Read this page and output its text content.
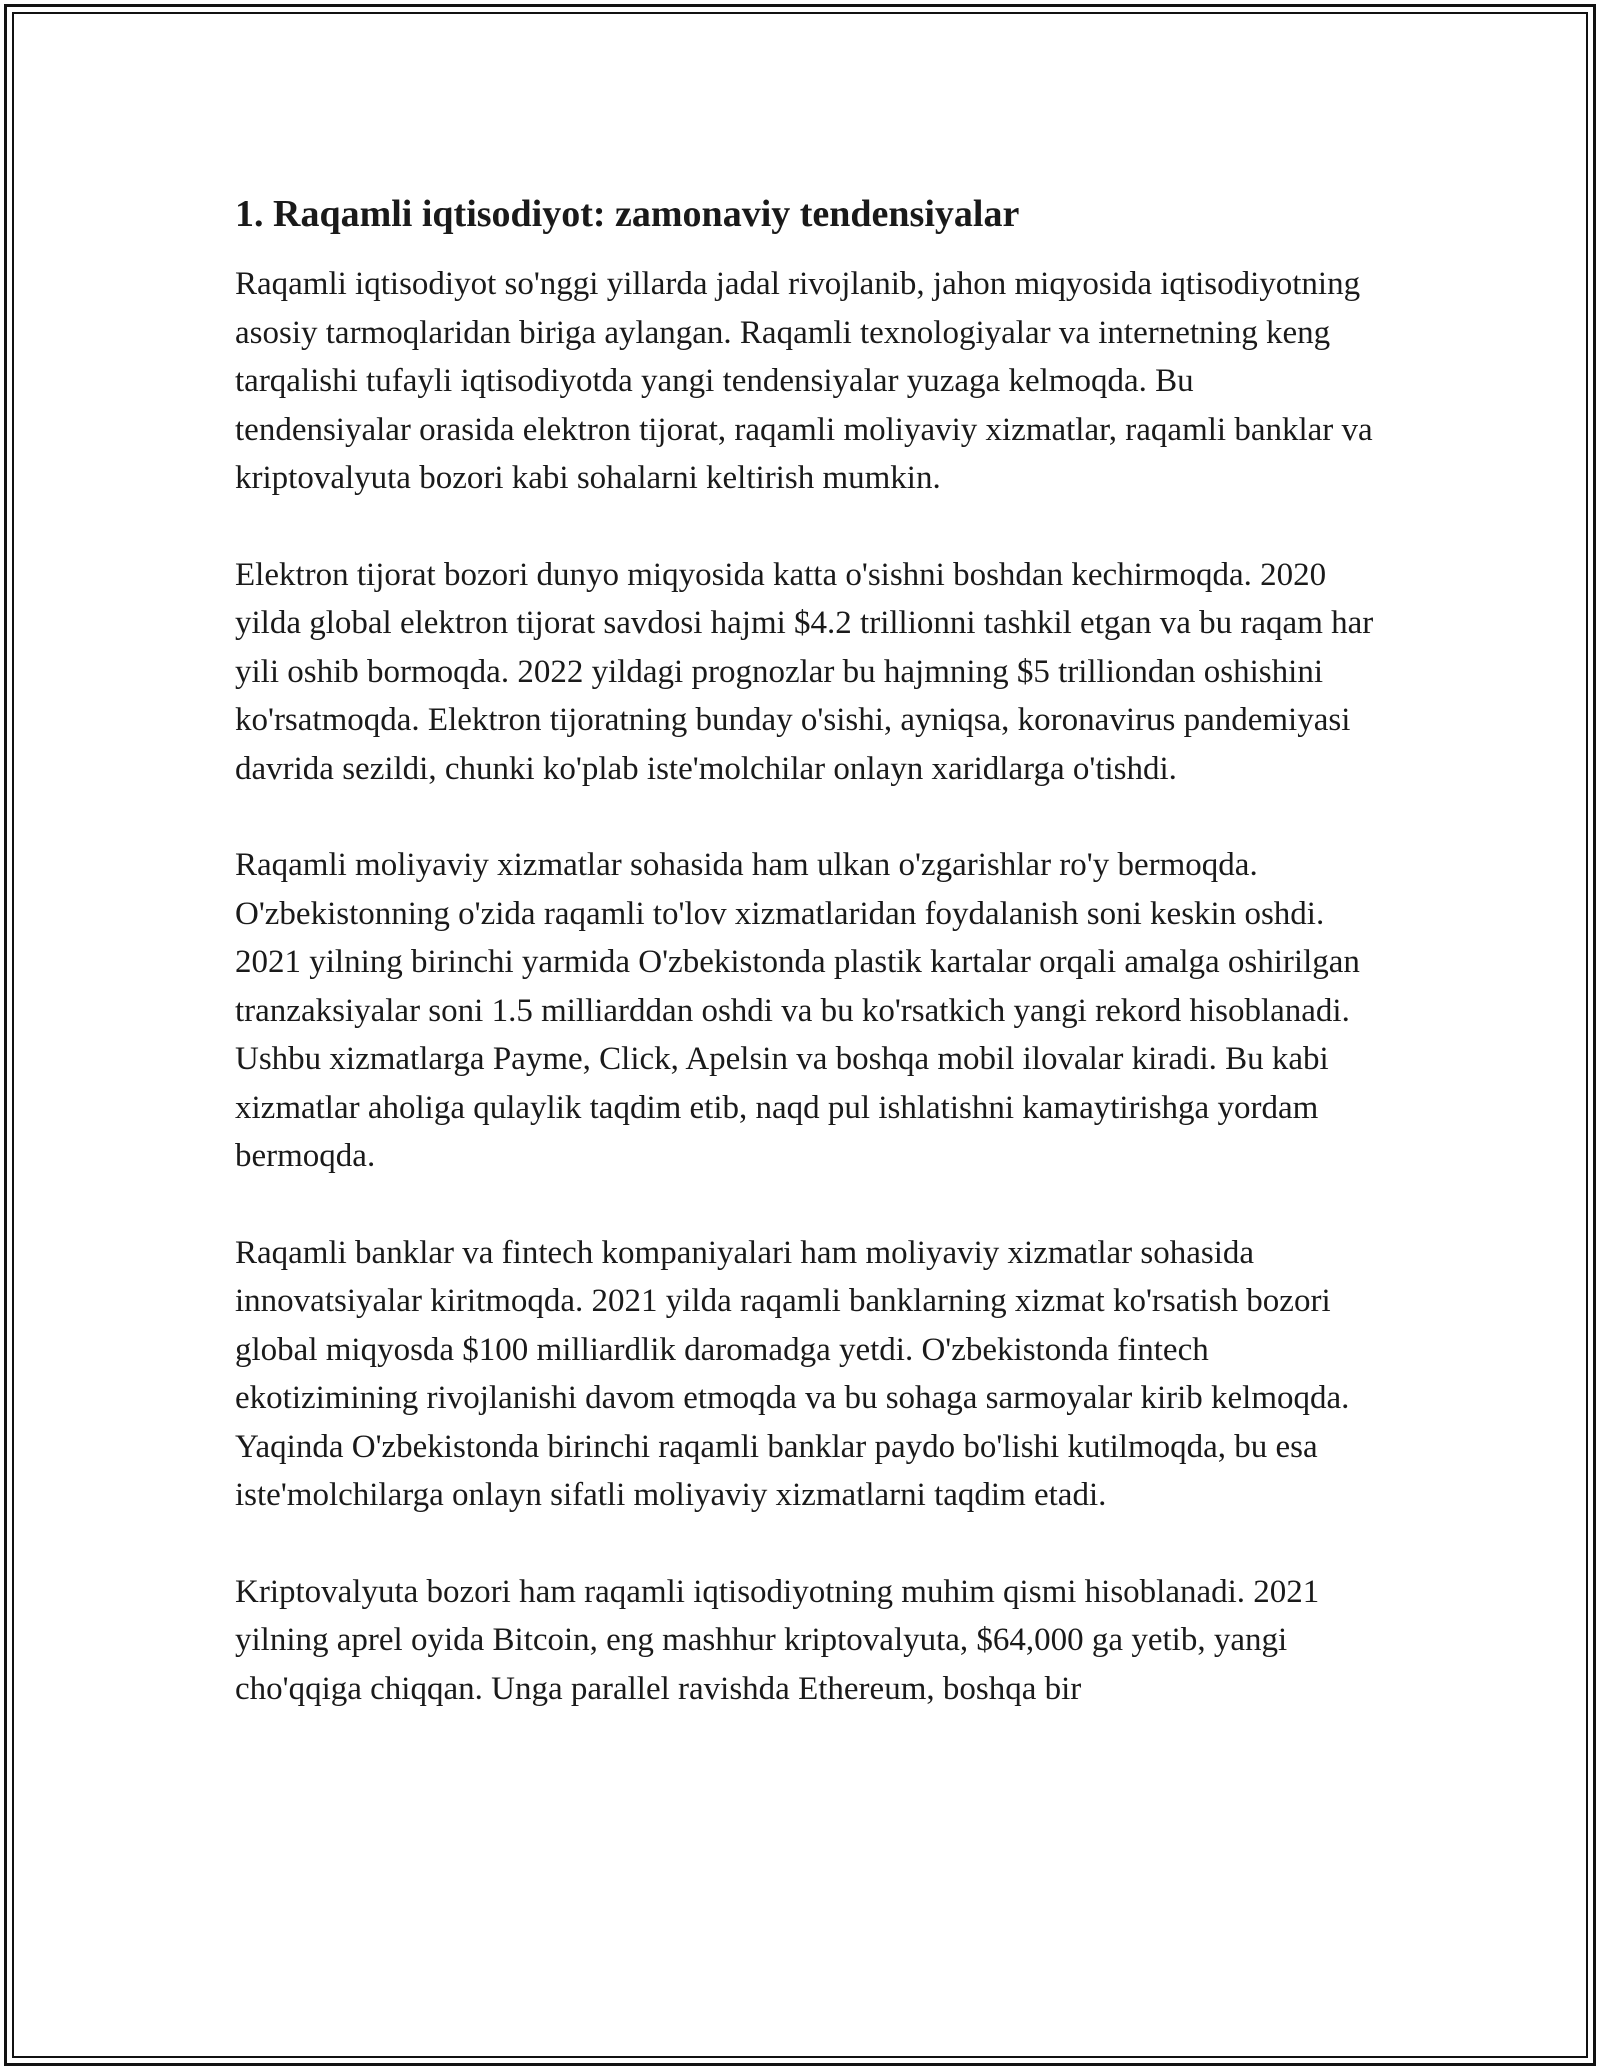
1. Raqamli iqtisodiyot: zamonaviy tendensiyalar

Raqamli iqtisodiyot so'nggi yillarda jadal rivojlanib, jahon miqyosida iqtisodiyotning asosiy tarmoqlaridan biriga aylangan. Raqamli texnologiyalar va internetning keng tarqalishi tufayli iqtisodiyotda yangi tendensiyalar yuzaga kelmoqda. Bu tendensiyalar orasida elektron tijorat, raqamli moliyaviy xizmatlar, raqamli banklar va kriptovalyuta bozori kabi sohalarni keltirish mumkin.

Elektron tijorat bozori dunyo miqyosida katta o'sishni boshdan kechirmoqda. 2020 yilda global elektron tijorat savdosi hajmi $4.2 trillionni tashkil etgan va bu raqam har yili oshib bormoqda. 2022 yildagi prognozlar bu hajmning $5 trilliondan oshishini ko'rsatmoqda. Elektron tijoratning bunday o'sishi, ayniqsa, koronavirus pandemiyasi davrida sezildi, chunki ko'plab iste'molchilar onlayn xaridlarga o'tishdi.

Raqamli moliyaviy xizmatlar sohasida ham ulkan o'zgarishlar ro'y bermoqda. O'zbekistonning o'zida raqamli to'lov xizmatlaridan foydalanish soni keskin oshdi. 2021 yilning birinchi yarmida O'zbekistonda plastik kartalar orqali amalga oshirilgan tranzaksiyalar soni 1.5 milliarddan oshdi va bu ko'rsatkich yangi rekord hisoblanadi. Ushbu xizmatlarga Payme, Click, Apelsin va boshqa mobil ilovalar kiradi. Bu kabi xizmatlar aholiga qulaylik taqdim etib, naqd pul ishlatishni kamaytirishga yordam bermoqda.

Raqamli banklar va fintech kompaniyalari ham moliyaviy xizmatlar sohasida innovatsiyalar kiritmoqda. 2021 yilda raqamli banklarning xizmat ko'rsatish bozori global miqyosda $100 milliardlik daromadga yetdi. O'zbekistonda fintech ekotizimining rivojlanishi davom etmoqda va bu sohaga sarmoyalar kirib kelmoqda. Yaqinda O'zbekistonda birinchi raqamli banklar paydo bo'lishi kutilmoqda, bu esa iste'molchilarga onlayn sifatli moliyaviy xizmatlarni taqdim etadi.

Kriptovalyuta bozori ham raqamli iqtisodiyotning muhim qismi hisoblanadi. 2021 yilning aprel oyida Bitcoin, eng mashhur kriptovalyuta, $64,000 ga yetib, yangi cho'qqiga chiqqan. Unga parallel ravishda Ethereum, boshqa bir
